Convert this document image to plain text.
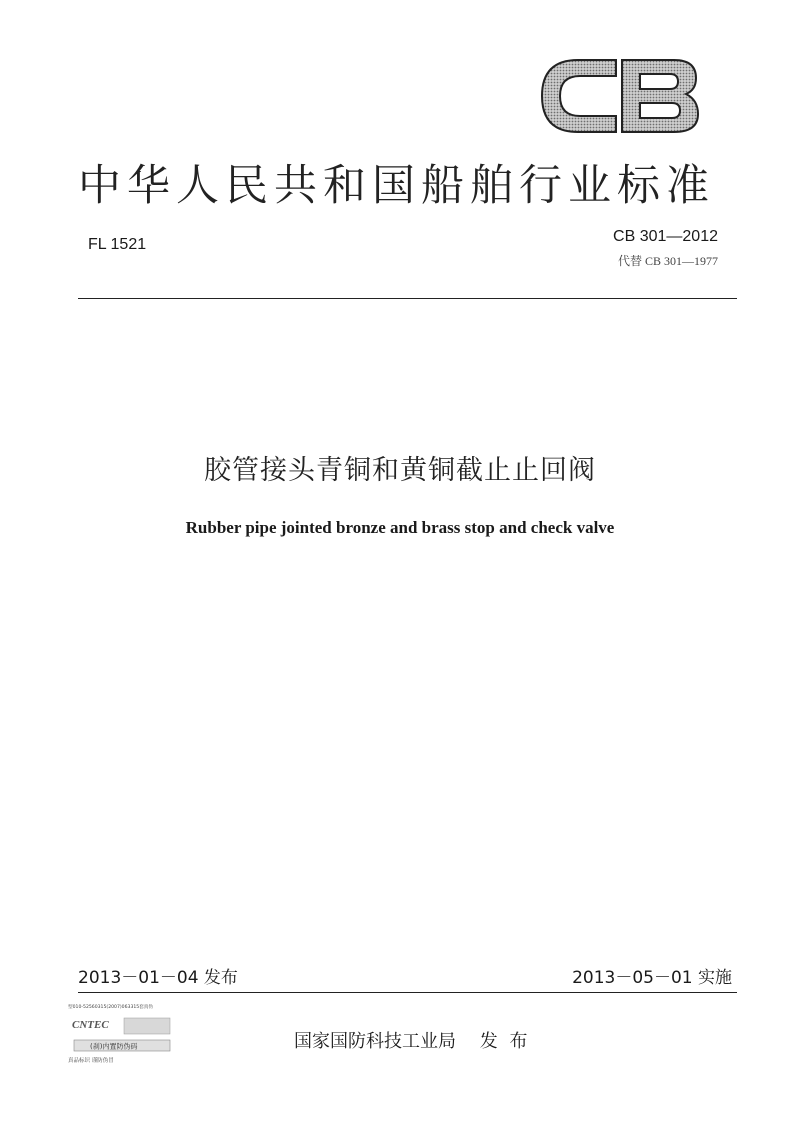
中华人民共和国船舶行业标准
FL 1521	CB 301—2012
代替 CB 301—1977
胶管接头青铜和黄铜截止止回阀
Rubber pipe jointed bronze and brass stop and check valve
2013－01－04 发布	2013－05－01 实施
型010-52560315(2007)063315套真伪
CNTEC
(刹)内置防伪码
真品标识 谨防伪冒
国家国防科技工业局 发 布
